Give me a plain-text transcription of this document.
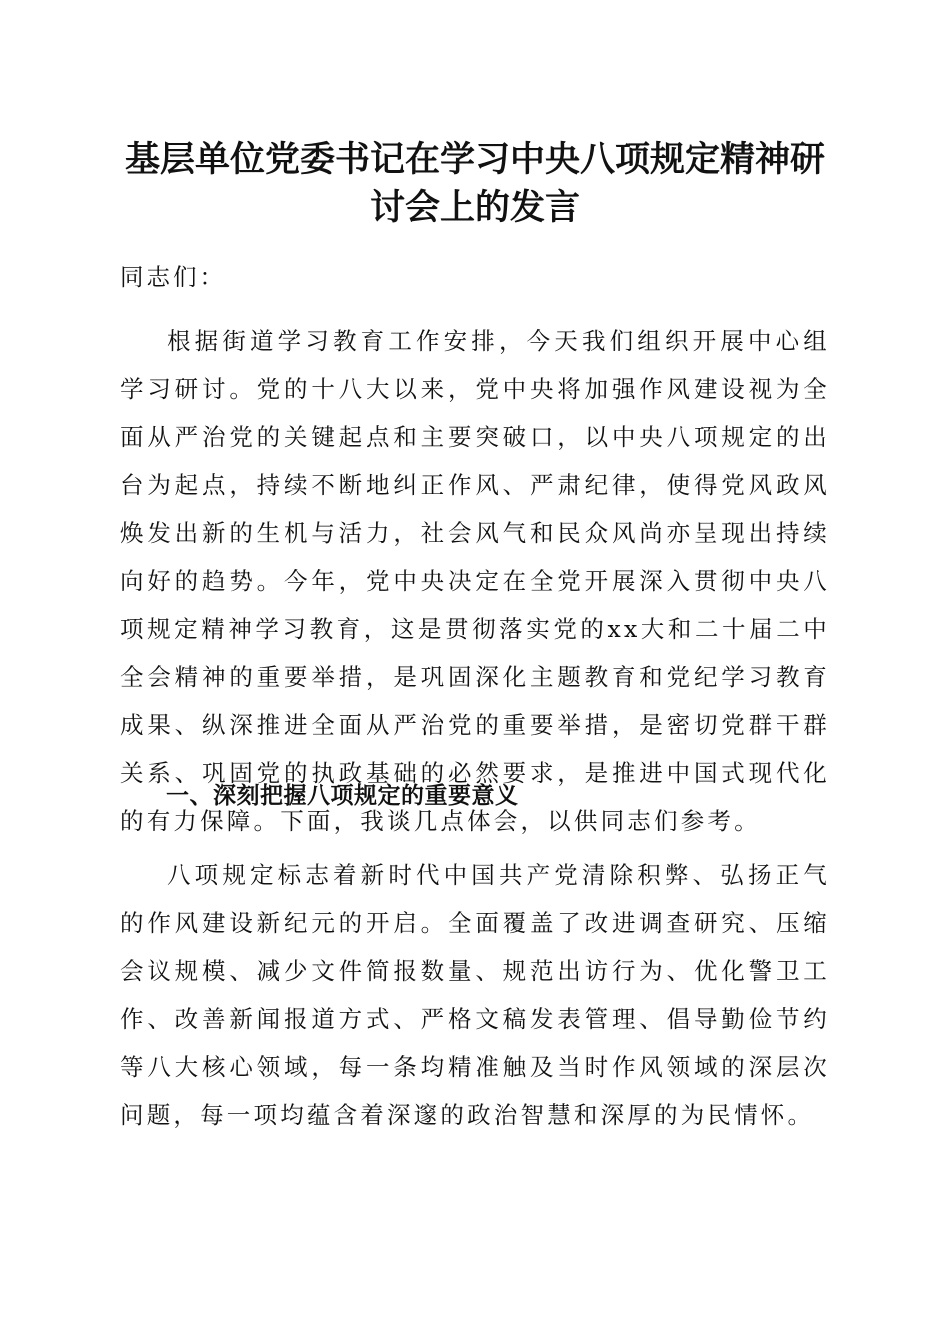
基层单位党委书记在学习中央八项规定精神研
讨会上的发言

同志们：

根据街道学习教育工作安排，今天我们组织开展中心组学习研讨。党的十八大以来，党中央将加强作风建设视为全面从严治党的关键起点和主要突破口，以中央八项规定的出台为起点，持续不断地纠正作风、严肃纪律，使得党风政风焕发出新的生机与活力，社会风气和民众风尚亦呈现出持续向好的趋势。今年，党中央决定在全党开展深入贯彻中央八项规定精神学习教育，这是贯彻落实党的xx大和二十届二中全会精神的重要举措，是巩固深化主题教育和党纪学习教育成果、纵深推进全面从严治党的重要举措，是密切党群干群关系、巩固党的执政基础的必然要求，是推进中国式现代化的有力保障。下面，我谈几点体会，以供同志们参考。

一、深刻把握八项规定的重要意义

八项规定标志着新时代中国共产党清除积弊、弘扬正气的作风建设新纪元的开启。全面覆盖了改进调查研究、压缩会议规模、减少文件简报数量、规范出访行为、优化警卫工作、改善新闻报道方式、严格文稿发表管理、倡导勤俭节约等八大核心领域，每一条均精准触及当时作风领域的深层次问题，每一项均蕴含着深邃的政治智慧和深厚的为民情怀。
